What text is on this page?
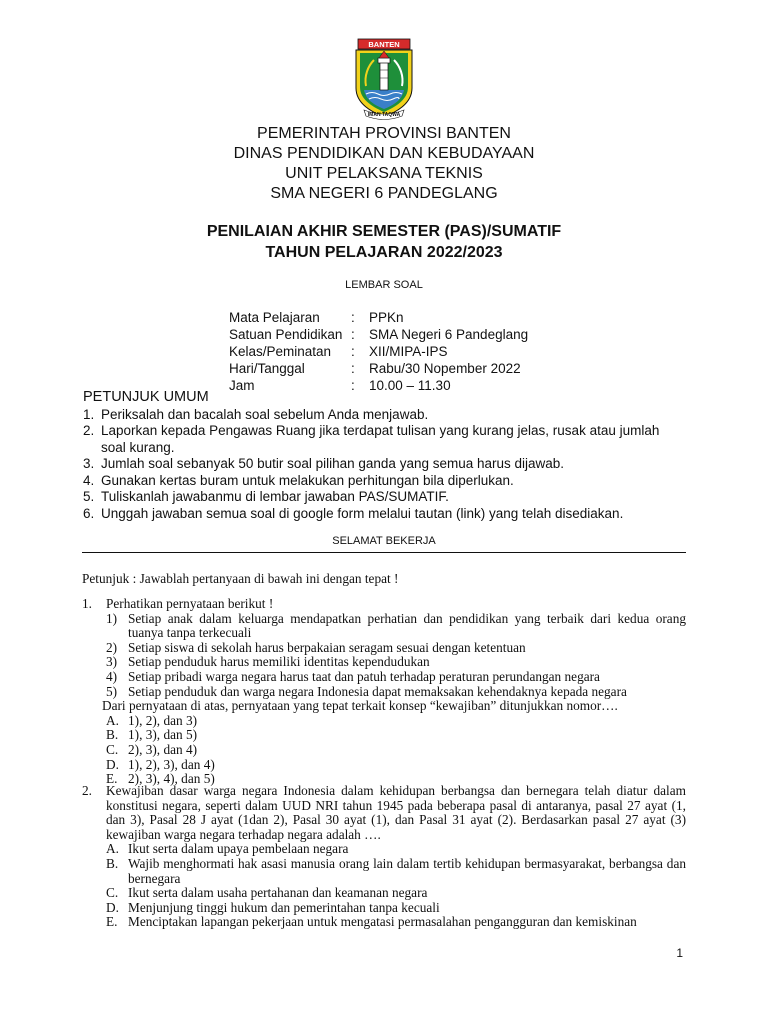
BANTEN
IMAN TAQWA
PEMERINTAH PROVINSI BANTEN
DINAS PENDIDIKAN DAN KEBUDAYAAN
UNIT PELAKSANA TEKNIS
SMA NEGERI 6 PANDEGLANG
PENILAIAN AKHIR SEMESTER (PAS)/SUMATIF
TAHUN PELAJARAN 2022/2023
LEMBAR SOAL
Mata Pelajaran : PPKn
Satuan Pendidikan : SMA Negeri 6 Pandeglang
Kelas/Peminatan : XII/MIPA-IPS
Hari/Tanggal	: Rabu/30 Nopember 2022
Jam	: 10.00 – 11.30
PETUNJUK UMUM
1. Periksalah dan bacalah soal sebelum Anda menjawab.
2. Laporkan kepada Pengawas Ruang jika terdapat tulisan yang kurang jelas, rusak atau jumlah soal kurang.
3. Jumlah soal sebanyak 50 butir soal pilihan ganda yang semua harus dijawab.
4. Gunakan kertas buram untuk melakukan perhitungan bila diperlukan.
5. Tuliskanlah jawabanmu di lembar jawaban PAS/SUMATIF.
6. Unggah jawaban semua soal di google form melalui tautan (link) yang telah disediakan.
SELAMAT BEKERJA
Petunjuk : Jawablah pertanyaan di bawah ini dengan tepat !
1. Perhatikan pernyataan berikut !
1) Setiap anak dalam keluarga mendapatkan perhatian dan pendidikan yang terbaik dari kedua orang tuanya tanpa terkecuali
2) Setiap siswa di sekolah harus berpakaian seragam sesuai dengan ketentuan
3) Setiap penduduk harus memiliki identitas kependudukan
4) Setiap pribadi warga negara harus taat dan patuh terhadap peraturan perundangan negara
5) Setiap penduduk dan warga negara Indonesia dapat memaksakan kehendaknya kepada negara
Dari pernyataan di atas, pernyataan yang tepat terkait konsep “kewajiban” ditunjukkan nomor….
A. 1), 2), dan 3)
B. 1), 3), dan 5)
C. 2), 3), dan 4)
D. 1), 2), 3), dan 4)
E. 2), 3), 4), dan 5)
2. Kewajiban dasar warga negara Indonesia dalam kehidupan berbangsa dan bernegara telah diatur dalam konstitusi negara, seperti dalam UUD NRI tahun 1945 pada beberapa pasal di antaranya, pasal 27 ayat (1, dan 3), Pasal 28 J ayat (1dan 2), Pasal 30 ayat (1), dan Pasal 31 ayat (2). Berdasarkan pasal 27 ayat (3) kewajiban warga negara terhadap negara adalah ….
A. Ikut serta dalam upaya pembelaan negara
B. Wajib menghormati hak asasi manusia orang lain dalam tertib kehidupan bermasyarakat, berbangsa dan bernegara
C. Ikut serta dalam usaha pertahanan dan keamanan negara
D. Menjunjung tinggi hukum dan pemerintahan tanpa kecuali
E. Menciptakan lapangan pekerjaan untuk mengatasi permasalahan pengangguran dan kemiskinan
1
